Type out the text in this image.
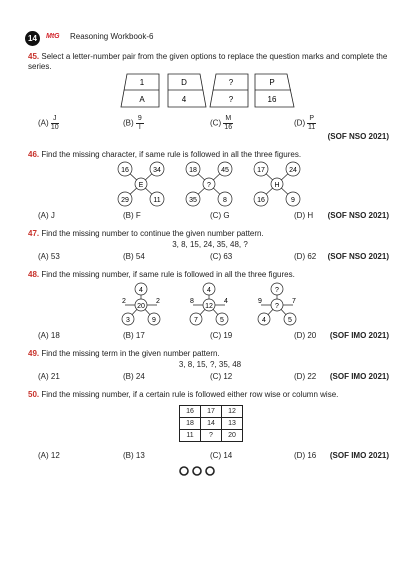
14	MtG Reasoning Workbook-6
45. Select a letter-number pair from the given options to replace the question marks and complete the series.
1
A
D
4
?
?
P
16
$(A) \frac{J}{10}$	$(B) \frac{9}{I}$	$(C) \frac{M}{16}$	$(D) \frac{P}{11}$
(SOF NSO 2021)
46. Find the missing character, if same rule is followed in all the three figures.
16	34
E
29	11
18	45
?
35	8
17	24
H
16	9
(A) J	(B) F	(C) G	(D) H (SOF NSO 2021)
47. Find the missing number to continue the given number pattern.
3, 8, 15, 24, 35, 48, ?
(A) 53	(B) 54	(C) 63	(D) 62 (SOF NSO 2021)
48. Find the missing number, if same rule is followed in all the three figures.
4
20
2	2
3	9
4
12
8	4
7	5
?
?
9	7
4	5
(A) 18	(B) 17	(C) 19	(D) 20 (SOF IMO 2021)
49. Find the missing term in the given number pattern.
3, 8, 15, ?, 35, 48
(A) 21	(B) 24	(C) 12	(D) 22 (SOF IMO 2021)
50. Find the missing number, if a certain rule is followed either row wise or column wise.
16	17	12
18	14	13
11	?	20
(A) 12	(B) 13	(C) 14	(D) 16 (SOF IMO 2021)
